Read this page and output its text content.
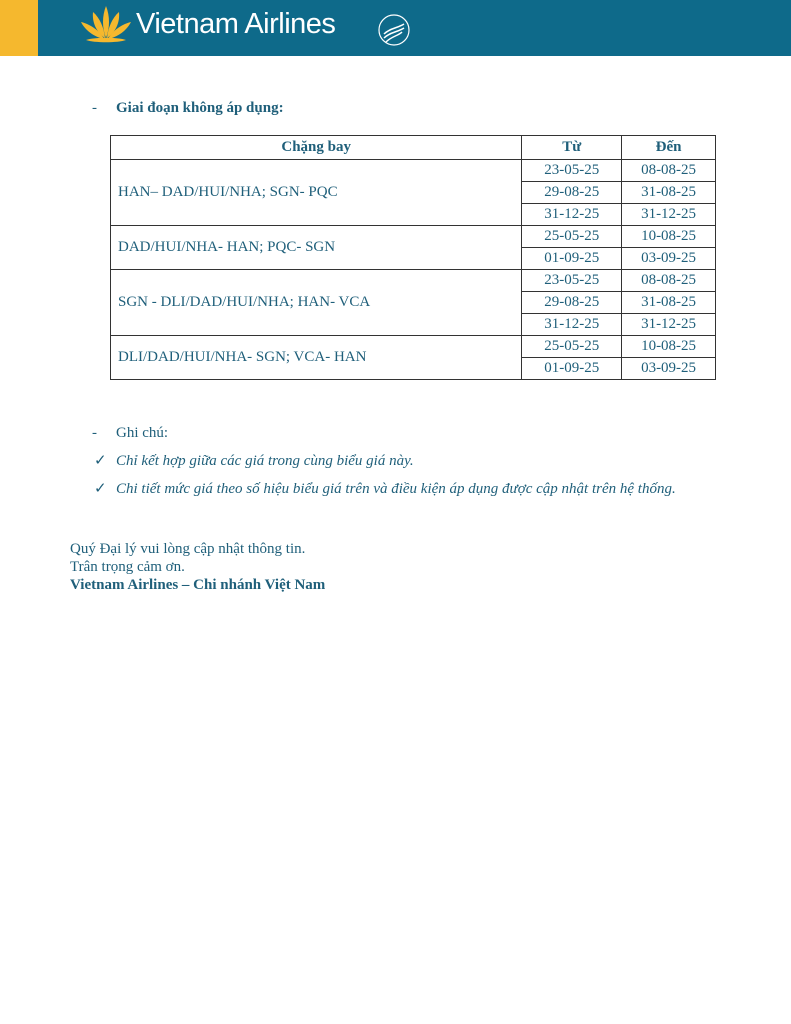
Vietnam Airlines
- Giai đoạn không áp dụng:
Chặng bay	Từ	Đến
HAN– DAD/HUI/NHA; SGN- PQC	23-05-25	08-08-25
	29-08-25	31-08-25
	31-12-25	31-12-25
DAD/HUI/NHA- HAN; PQC- SGN	25-05-25	10-08-25
	01-09-25	03-09-25
SGN - DLI/DAD/HUI/NHA; HAN- VCA	23-05-25	08-08-25
	29-08-25	31-08-25
	31-12-25	31-12-25
DLI/DAD/HUI/NHA- SGN; VCA- HAN	25-05-25	10-08-25
	01-09-25	03-09-25
- Ghi chú:
✓ Chỉ kết hợp giữa các giá trong cùng biểu giá này.
✓ Chi tiết mức giá theo số hiệu biểu giá trên và điều kiện áp dụng được cập nhật trên hệ thống.
Quý Đại lý vui lòng cập nhật thông tin.
Trân trọng cảm ơn.
Vietnam Airlines – Chi nhánh Việt Nam
